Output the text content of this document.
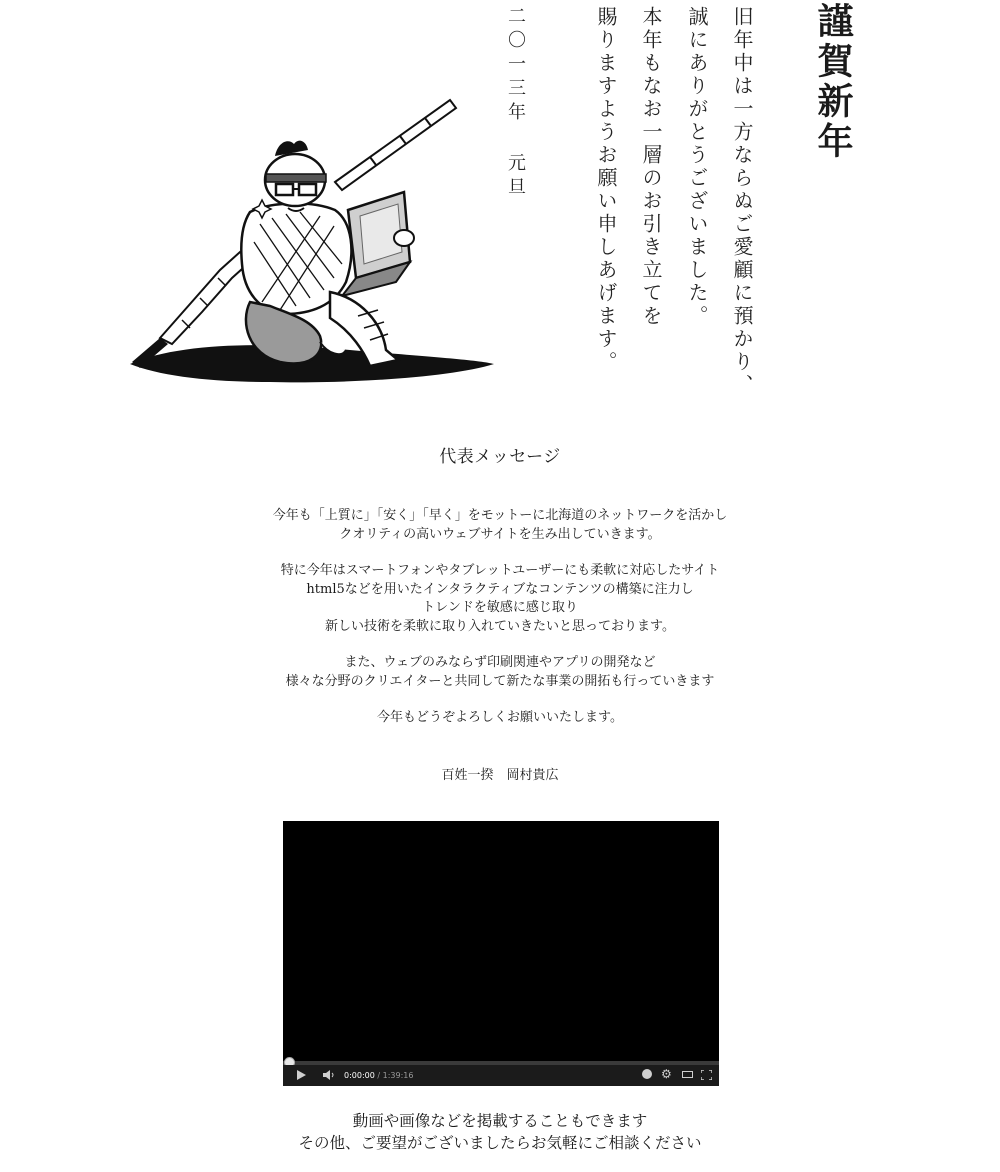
謹賀新年
旧年中は一方ならぬご愛顧に預かり、
誠にありがとうございました。
本年もなお一層のお引き立てを
賜りますようお願い申しあげます。
二〇一三年 元旦
代表メッセージ
今年も「上質に」「安く」「早く」をモットーに北海道のネットワークを活かし
クオリティの高いウェブサイトを生み出していきます。
特に今年はスマートフォンやタブレットユーザーにも柔軟に対応したサイト
html5などを用いたインタラクティブなコンテンツの構築に注力し
トレンドを敏感に感じ取り
新しい技術を柔軟に取り入れていきたいと思っております。
また、ウェブのみならず印刷関連やアプリの開発など
様々な分野のクリエイターと共同して新たな事業の開拓も行っていきます
今年もどうぞよろしくお願いいたします。
百姓一揆　岡村貴広
0:00:00 / 1:39:16	⚙
動画や画像などを掲載することもできます
その他、ご要望がございましたらお気軽にご相談ください
